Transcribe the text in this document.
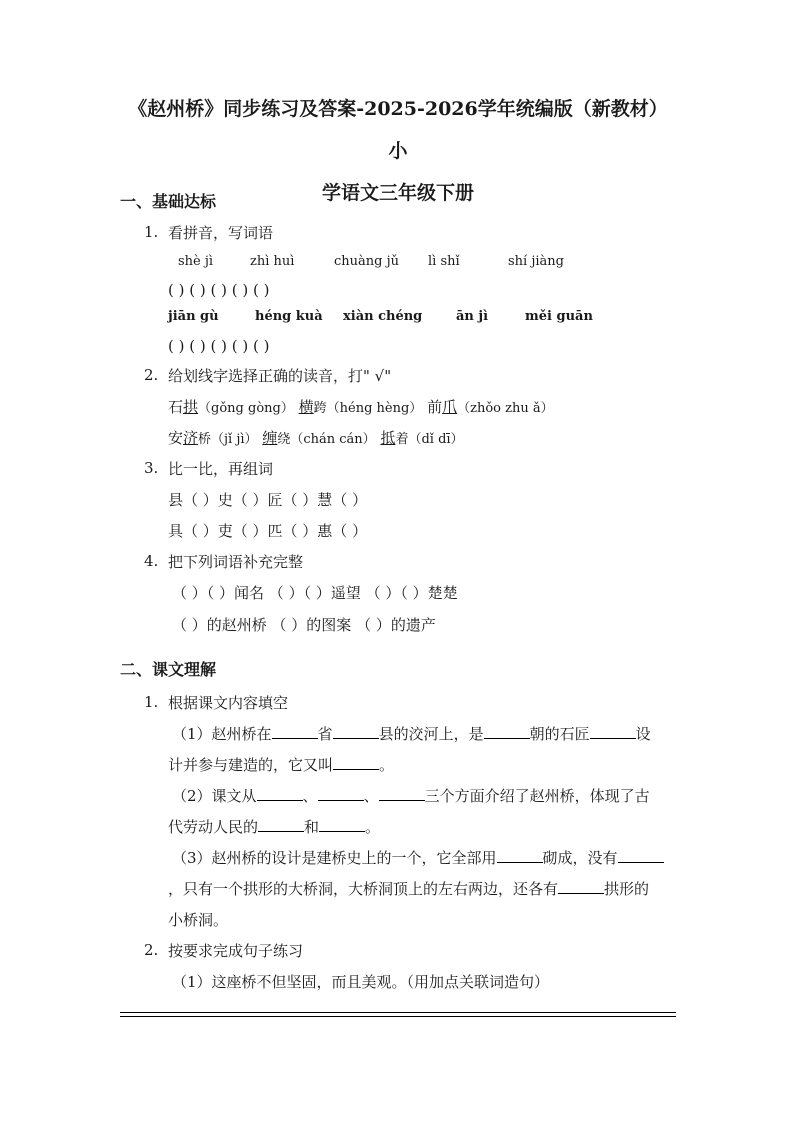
《赵州桥》同步练习及答案-2025-2026学年统编版（新教材）小
学语文三年级下册
一、基础达标
1. 看拼音，写词语
shè jì	zhì huì	chuàng jǔ lì shǐ	shí jiàng
( ) ( ) ( ) ( ) ( )
jiān gù	héng kuà xiàn chéng	ān jì	měi guān
( ) ( ) ( ) ( ) ( )
2. 给划线字选择正确的读音，打" √"
石拱（gǒng gòng） 横跨（héng hèng） 前爪（zhǒo zhu ǎ）
安济桥（jǐ jì） 缠绕（chán cán） 抵着（dǐ dī）
3. 比一比，再组词
县（ ）史（ ）匠（ ）慧（ ）
具（ ）吏（ ）匹（ ）惠（ ）
4. 把下列词语补充完整
（ ）（ ）闻名 （ ）（ ）遥望 （ ）（ ）楚楚
（ ）的赵州桥 （ ）的图案 （ ）的遗产
二、课文理解
1. 根据课文内容填空
（1）赵州桥在	省	县的洨河上，是	朝的石匠	设
计并参与建造的，它又叫	。
（2）课文从	、	、	三个方面介绍了赵州桥，体现了古
代劳动人民的	和	。
（3）赵州桥的设计是建桥史上的一个，它全部用	砌成，没有
，只有一个拱形的大桥洞，大桥洞顶上的左右两边，还各有	拱形的
小桥洞。
2. 按要求完成句子练习
（1）这座桥不但坚固，而且美观。（用加点关联词造句）
